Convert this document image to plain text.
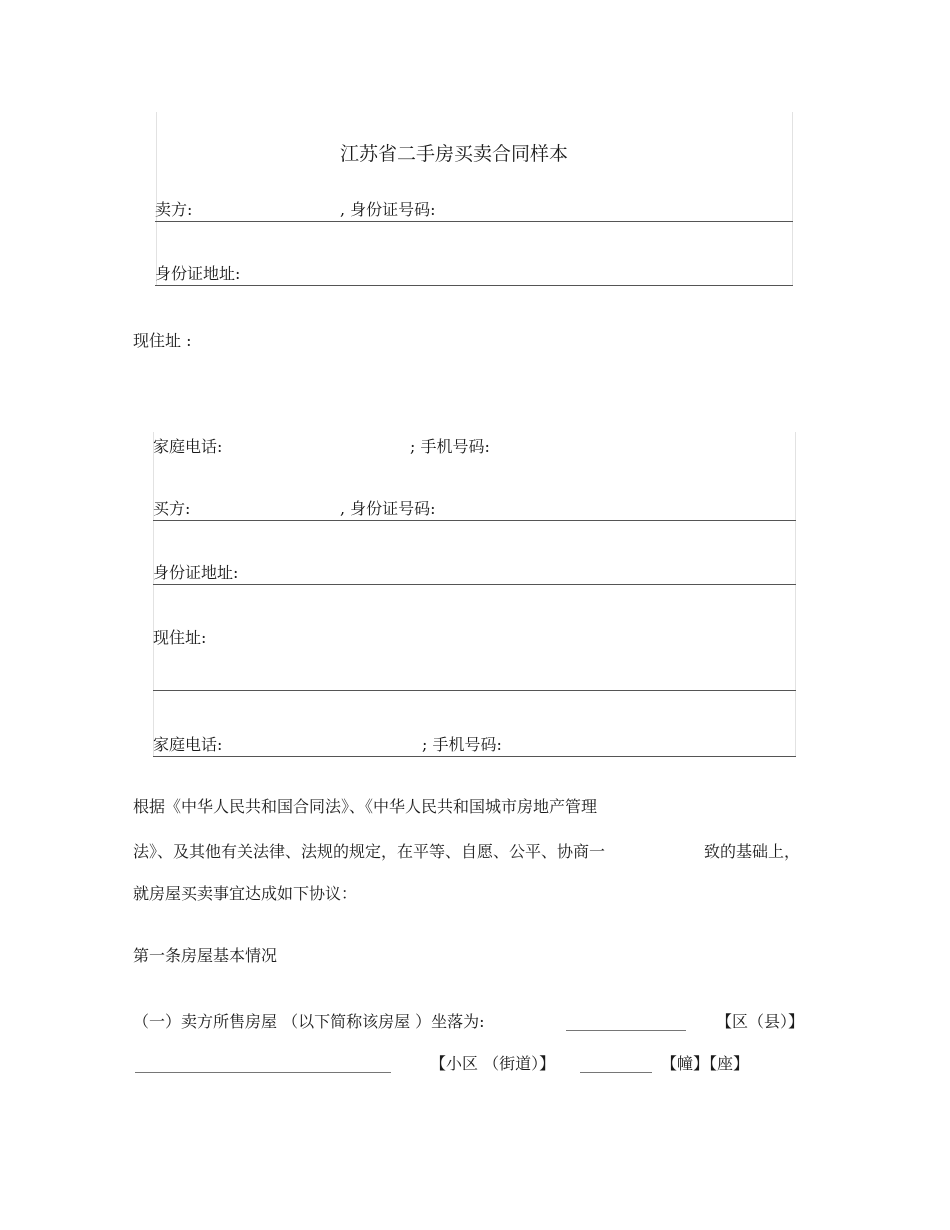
江苏省二手房买卖合同样本
卖方:	, 身份证号码:
身份证地址:
现住址 :
家庭电话:	; 手机号码:
买方:	, 身份证号码:
身份证地址:
现住址:
家庭电话:	; 手机号码:
根据《中华人民共和国合同法》、《中华人民共和国城市房地产管理
法》、及其他有关法律、法规的规定，在平等、自愿、公平、协商一	致的基础上，
就房屋买卖事宜达成如下协议：
第一条房屋基本情况
（一）卖方所售房屋 （以下简称该房屋 ）坐落为:	_______________ 【区（县）】
________________________________ 【小区 （街道）】 _________ 【幢】【座】
